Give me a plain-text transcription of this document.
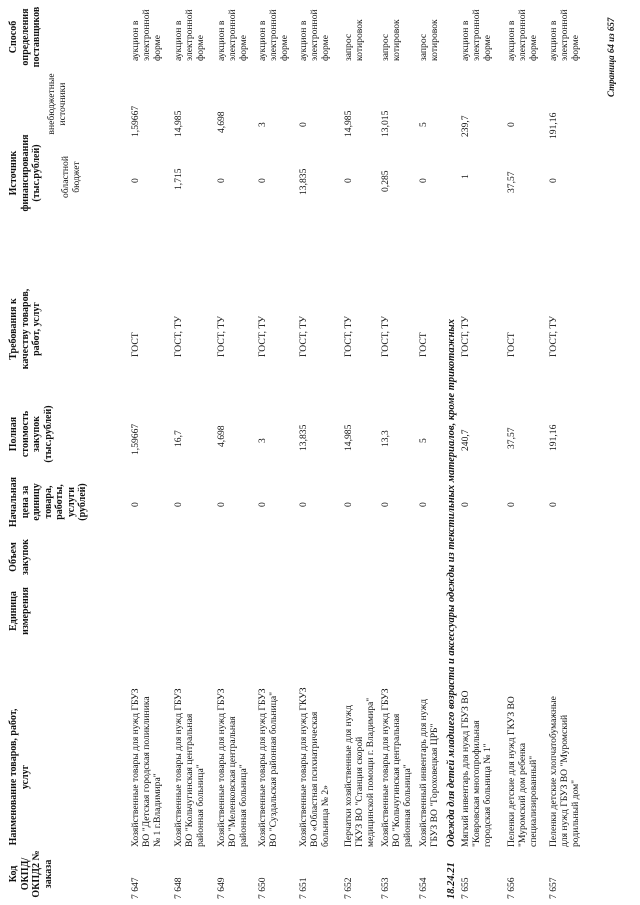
Код ОКПД/ ОКПД2 № заказа
Наименование товаров, работ, услуг
Единица измерения
Объем закупок
Начальная цена за единицу товара, работы, услуги (рублей)
Полная стоимость закупок (тыс.рублей)
Требования к качеству товаров, работ, услуг
Источник финансирования (тыс.рублей) областной бюджет
внебюджетные источники
Способ определения поставщиков
7 647
Хозяйственные товары для нужд ГБУЗ ВО "Детская городская поликлиника № 1 г.Владимира"
0
1,59667
ГОСТ
0
1,59667
аукцион в электронной форме
7 648
Хозяйственные товары для нужд ГБУЗ ВО "Кольчугинская центральная районная больница"
0
16,7
ГОСТ, ТУ
1,715
14,985
аукцион в электронной форме
7 649
Хозяйственные товары для нужд ГБУЗ ВО "Меленковская центральная районная больница"
0
4,698
ГОСТ, ТУ
0
4,698
аукцион в электронной форме
7 650
Хозяйственные товары для нужд ГБУЗ ВО "Суздальская районная больница"
0
3
ГОСТ, ТУ
0
3
аукцион в электронной форме
7 651
Хозяйственные товары для нужд ГКУЗ ВО «Областная психиатрическая больница № 2»
0
13,835
ГОСТ, ТУ
13,835
0
аукцион в электронной форме
7 652
Перчатки хозяйственные для нужд ГКУЗ ВО "Станция скорой медицинской помощи г. Владимира"
0
14,985
ГОСТ, ТУ
0
14,985
запрос котировок
7 653
Хозяйственные товары для нужд ГБУЗ ВО "Кольчугинская центральная районная больница"
0
13,3
ГОСТ, ТУ
0,285
13,015
запрос котировок
7 654
Хозяйственный инвентарь для нужд ГБУЗ ВО "Гороховецкая ЦРБ"
0
5
ГОСТ
0
5
запрос котировок
18.24.21
Одежда для детей младшего возраста и аксессуары одежды из текстильных материалов, кроме трикотажных
7 655
Мягкий инвентарь для нужд ГБУЗ ВО "Ковровская многопрофильная городская больница № 1"
0
240,7
ГОСТ, ТУ
1
239,7
аукцион в электронной форме
7 656
Пеленки детские для нужд ГКУЗ ВО "Муромский дом ребенка специализированный"
0
37,57
ГОСТ
37,57
0
аукцион в электронной форме
7 657
Пеленки детские хлопчатобумажные для нужд ГБУЗ ВО "Муромский родильный дом"
0
191,16
ГОСТ, ТУ
0
191,16
аукцион в электронной форме	Страница 64 из 657
